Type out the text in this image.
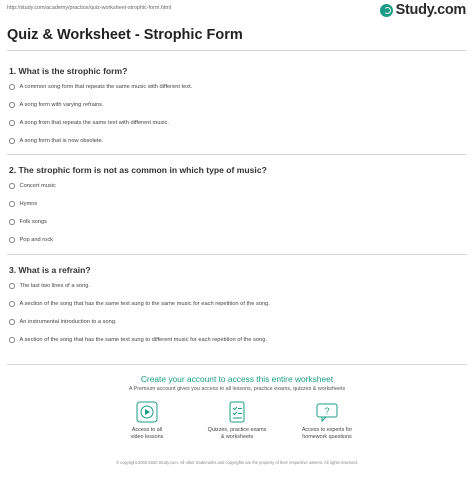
http://study.com/academy/practice/quiz-worksheet-strophic-form.html	Study.com
Quiz & Worksheet - Strophic Form
1. What is the strophic form?
A common song form that repeats the same music with different text.
A song form with varying refrains.
A song from that repeats the same text with different music.
A song form that is now obsolete.
2. The strophic form is not as common in which type of music?
Concert music
Hymns
Folk songs
Pop and rock
3. What is a refrain?
The last two lines of a song.
A section of the song that has the same text sung to the same music for each repetition of the song.
An instrumental introduction to a song.
A section of the song that has the same text sung to different music for each repetition of the song.
Create your account to access this entire worksheet
A Premium account gives you access to all lessons, practice exams, quizzes & worksheets
Access to all
video lessons
Quizzes, practice exams
& worksheets
?
Access to experts for
homework questions
© copyright 2003-2020 Study.com. All other trademarks and copyrights are the property of their respective owners. All rights reserved.
